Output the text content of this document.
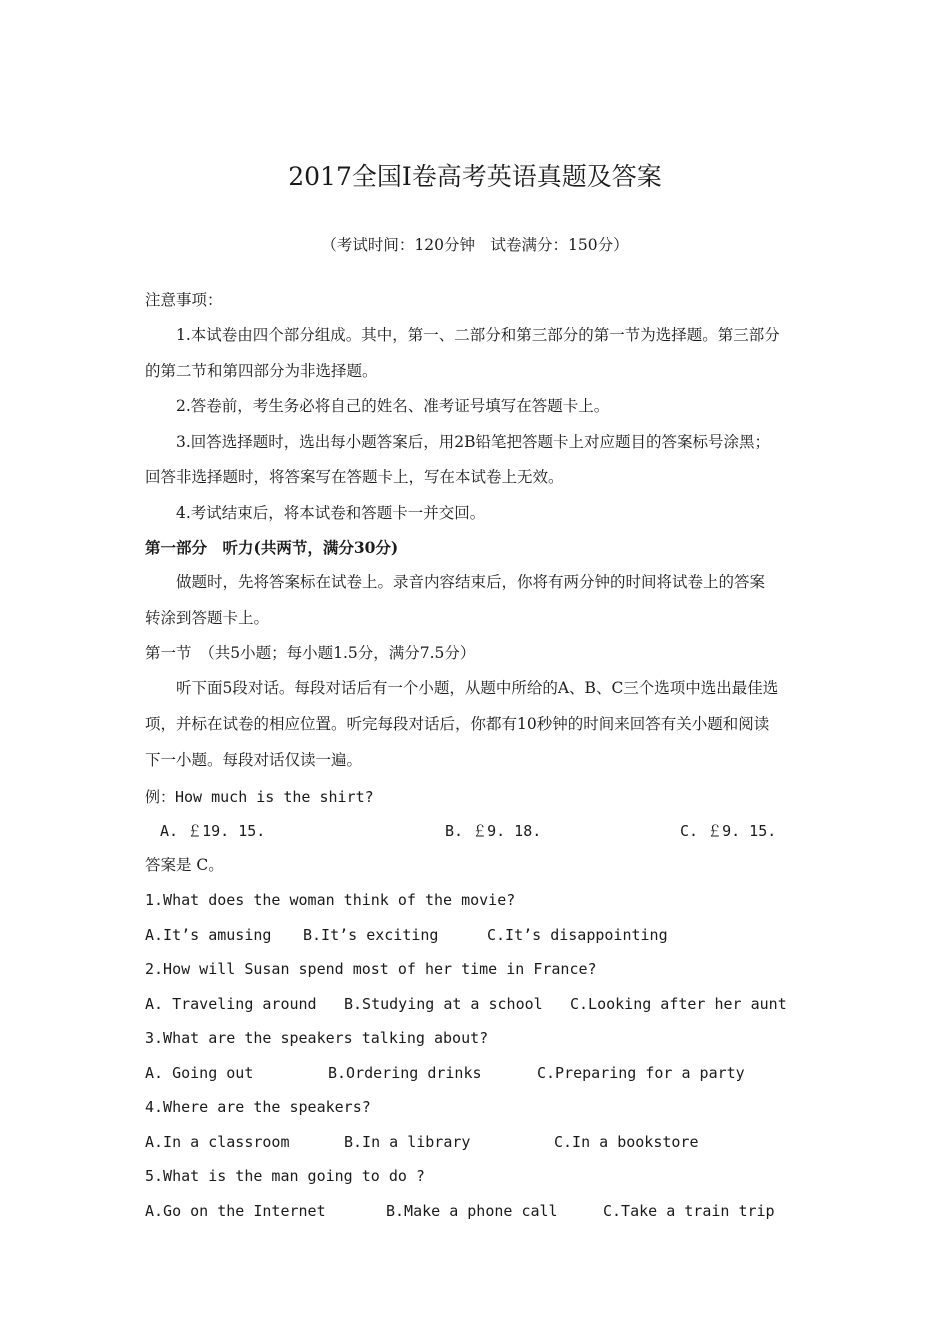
2017全国Ⅰ卷高考英语真题及答案
（考试时间：120分钟　试卷满分：150分）
注意事项：
1.本试卷由四个部分组成。其中，第一、二部分和第三部分的第一节为选择题。第三部分
的第二节和第四部分为非选择题。
2.答卷前，考生务必将自己的姓名、准考证号填写在答题卡上。
3.回答选择题时，选出每小题答案后，用2B铅笔把答题卡上对应题目的答案标号涂黑；
回答非选择题时，将答案写在答题卡上，写在本试卷上无效。
4.考试结束后，将本试卷和答题卡一并交回。
第一部分　听力(共两节，满分30分)
做题时，先将答案标在试卷上。录音内容结束后，你将有两分钟的时间将试卷上的答案
转涂到答题卡上。
第一节　（共5小题；每小题1.5分，满分7.5分）
听下面5段对话。每段对话后有一个小题，从题中所给的A、B、C三个选项中选出最佳选
项，并标在试卷的相应位置。听完每段对话后，你都有10秒钟的时间来回答有关小题和阅读
下一小题。每段对话仅读一遍。
例：How much is the shirt?
A. ￡19. 15.	B. ￡9. 18.	C. ￡9. 15.
答案是 C。
1.What does the woman think of the movie?
A.It’s amusing B.It’s exciting	C.It’s disappointing
2.How will Susan spend most of her time in France?
A. Traveling around B.Studying at a school C.Looking after her aunt
3.What are the speakers talking about?
A. Going out	B.Ordering drinks	C.Preparing for a party
4.Where are the speakers?
A.In a classroom	B.In a library	C.In a bookstore
5.What is the man going to do ?
A.Go on the Internet	B.Make a phone call	C.Take a train trip
